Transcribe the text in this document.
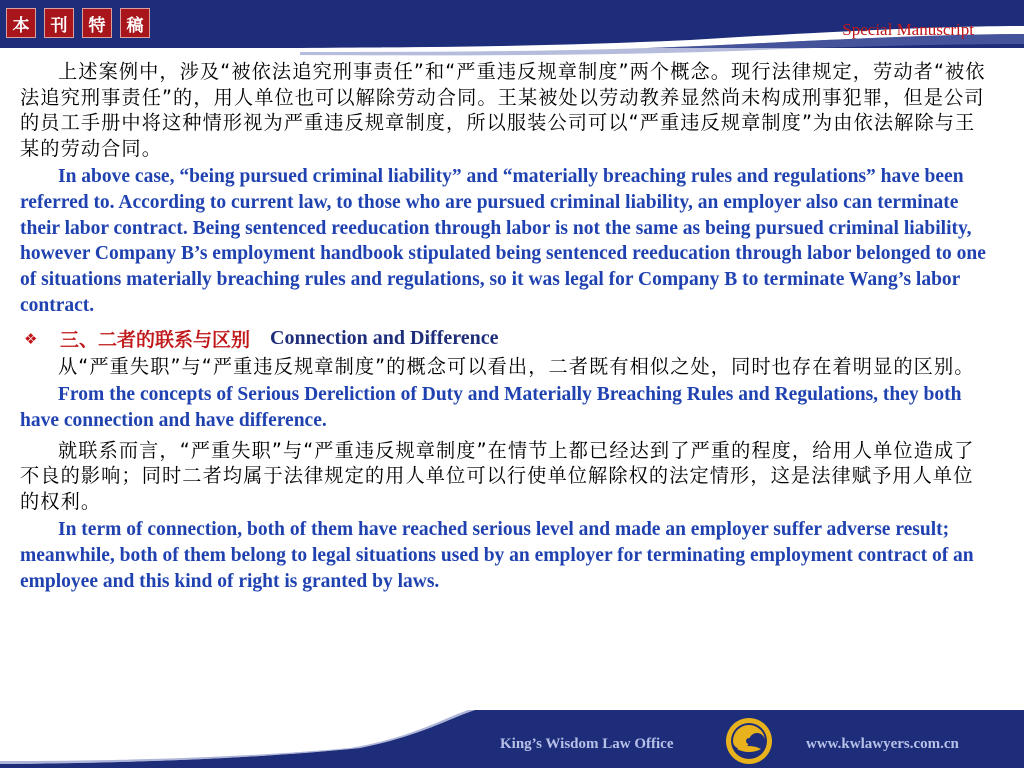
本	刊	特	稿	Special Manuscript

上述案例中，涉及“被依法追究刑事责任”和“严重违反规章制度”两个概念。现行法律规定，劳动者“被依法追究刑事责任”的，用人单位也可以解除劳动合同。王某被处以劳动教养显然尚未构成刑事犯罪，但是公司的员工手册中将这种情形视为严重违反规章制度，所以服装公司可以“严重违反规章制度”为由依法解除与王某的劳动合同。

In above case, “being pursued criminal liability” and “materially breaching rules and regulations” have been referred to. According to current law, to those who are pursued criminal liability, an employer also can terminate their labor contract. Being sentenced reeducation through labor is not the same as being pursued criminal liability, however Company B’s employment handbook stipulated being sentenced reeducation through labor belonged to one of situations materially breaching rules and regulations, so it was legal for Company B to terminate Wang’s labor contract.

❖	三、二者的联系与区别 Connection and Difference

从“严重失职”与“严重违反规章制度”的概念可以看出，二者既有相似之处，同时也存在着明显的区别。

From the concepts of Serious Dereliction of Duty and Materially Breaching Rules and Regulations, they both have connection and have difference.

就联系而言，“严重失职”与“严重违反规章制度”在情节上都已经达到了严重的程度，给用人单位造成了不良的影响；同时二者均属于法律规定的用人单位可以行使单位解除权的法定情形，这是法律赋予用人单位的权利。

In term of connection, both of them have reached serious level and made an employer suffer adverse result; meanwhile, both of them belong to legal situations used by an employer for terminating employment contract of an employee and this kind of right is granted by laws.

King’s Wisdom Law Office	www.kwlawyers.com.cn
